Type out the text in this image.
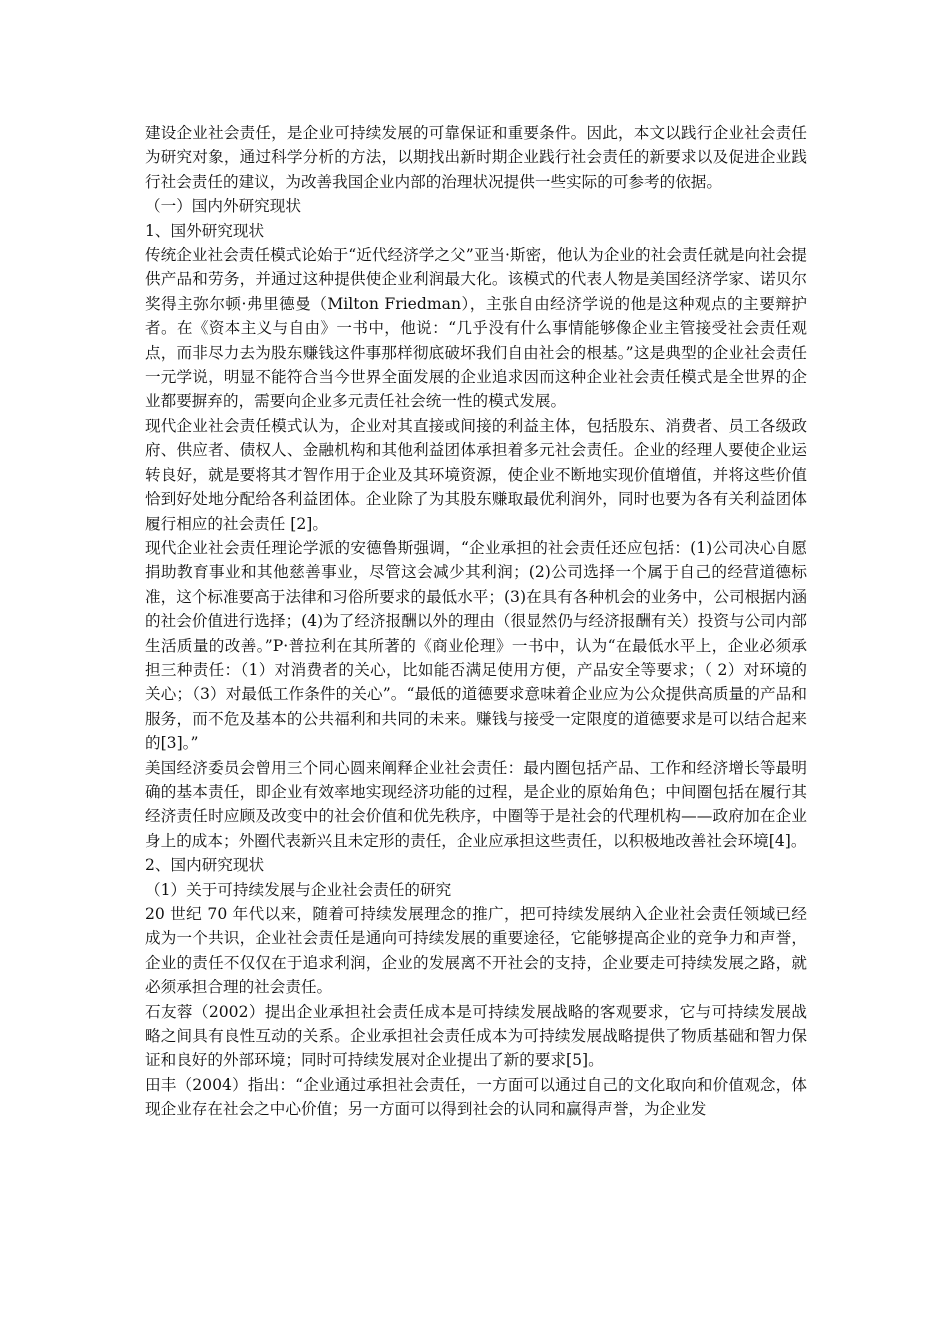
建设企业社会责任，是企业可持续发展的可靠保证和重要条件。因此，本文以践行企业社会责任为研究对象，通过科学分析的方法，以期找出新时期企业践行社会责任的新要求以及促进企业践行社会责任的建议，为改善我国企业内部的治理状况提供一些实际的可参考的依据。

（一）国内外研究现状

1、国外研究现状

传统企业社会责任模式论始于“近代经济学之父”亚当·斯密，他认为企业的社会责任就是向社会提供产品和劳务，并通过这种提供使企业利润最大化。该模式的代表人物是美国经济学家、诺贝尔奖得主弥尔顿·弗里德曼（Milton Friedman），主张自由经济学说的他是这种观点的主要辩护者。在《资本主义与自由》一书中，他说：“几乎没有什么事情能够像企业主管接受社会责任观点，而非尽力去为股东赚钱这件事那样彻底破坏我们自由社会的根基。”这是典型的企业社会责任一元学说，明显不能符合当今世界全面发展的企业追求因而这种企业社会责任模式是全世界的企业都要摒弃的，需要向企业多元责任社会统一性的模式发展。

现代企业社会责任模式认为，企业对其直接或间接的利益主体，包括股东、消费者、员工各级政府、供应者、债权人、金融机构和其他利益团体承担着多元社会责任。企业的经理人要使企业运转良好，就是要将其才智作用于企业及其环境资源，使企业不断地实现价值增值，并将这些价值恰到好处地分配给各利益团体。企业除了为其股东赚取最优利润外，同时也要为各有关利益团体履行相应的社会责任 [2]。

现代企业社会责任理论学派的安德鲁斯强调，“企业承担的社会责任还应包括：(1)公司决心自愿捐助教育事业和其他慈善事业，尽管这会减少其利润；(2)公司选择一个属于自己的经营道德标准，这个标准要高于法律和习俗所要求的最低水平；(3)在具有各种机会的业务中，公司根据内涵的社会价值进行选择；(4)为了经济报酬以外的理由（很显然仍与经济报酬有关）投资与公司内部生活质量的改善。”P·普拉利在其所著的《商业伦理》一书中，认为“在最低水平上，企业必须承担三种责任：（1）对消费者的关心，比如能否满足使用方便，产品安全等要求；（ 2）对环境的关心；（3）对最低工作条件的关心”。“最低的道德要求意味着企业应为公众提供高质量的产品和服务，而不危及基本的公共福利和共同的未来。赚钱与接受一定限度的道德要求是可以结合起来的[3]。”

美国经济委员会曾用三个同心圆来阐释企业社会责任：最内圈包括产品、工作和经济增长等最明确的基本责任，即企业有效率地实现经济功能的过程，是企业的原始角色；中间圈包括在履行其经济责任时应顾及改变中的社会价值和优先秩序，中圈等于是社会的代理机构——政府加在企业身上的成本；外圈代表新兴且未定形的责任，企业应承担这些责任，以积极地改善社会环境[4]。

2、国内研究现状

（1）关于可持续发展与企业社会责任的研究

20 世纪 70 年代以来，随着可持续发展理念的推广，把可持续发展纳入企业社会责任领域已经成为一个共识，企业社会责任是通向可持续发展的重要途径，它能够提高企业的竞争力和声誉，企业的责任不仅仅在于追求利润，企业的发展离不开社会的支持，企业要走可持续发展之路，就必须承担合理的社会责任。

石友蓉（2002）提出企业承担社会责任成本是可持续发展战略的客观要求，它与可持续发展战略之间具有良性互动的关系。企业承担社会责任成本为可持续发展战略提供了物质基础和智力保证和良好的外部环境；同时可持续发展对企业提出了新的要求[5]。

田丰（2004）指出：“企业通过承担社会责任，一方面可以通过自己的文化取向和价值观念，体现企业存在社会之中心价值；另一方面可以得到社会的认同和赢得声誉，为企业发
